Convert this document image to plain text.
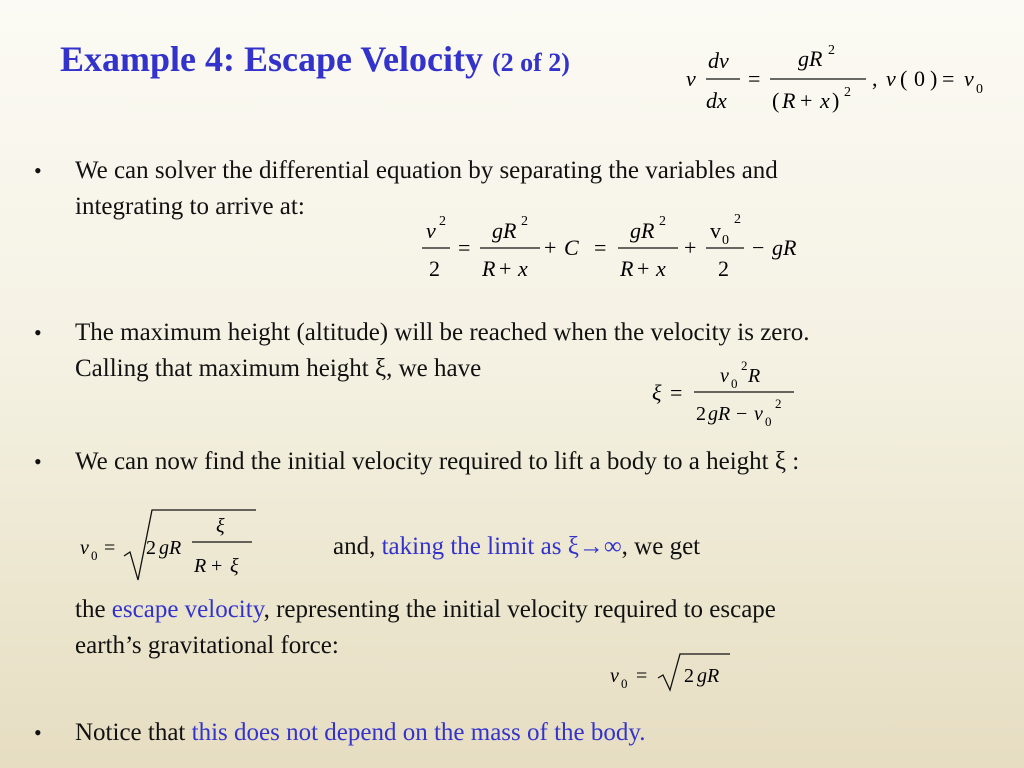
Example 4: Escape Velocity (2 of 2)
v
dv
dx
=
gR 2
( R + x ) 2
, v ( 0 ) = v 0
• We can solver the differential equation by separating the variables and
integrating to arrive at:
v 2
2
=
gR 2
R + x
+ C =
gR 2
R + x
+
v 0
2
2
− gR
• The maximum height (altitude) will be reached when the velocity is zero.
Calling that maximum height ξ, we have
ξ =
v 0
2 R
2 gR − v 0
2
• We can now find the initial velocity required to lift a body to a height ξ :
v 0 = 2 gR
ξ
R + ξ
and, taking the limit as ξ→∞, we get
the escape velocity, representing the initial velocity required to escape
earth’s gravitational force:
v 0 = 2 gR
• Notice that this does not depend on the mass of the body.
